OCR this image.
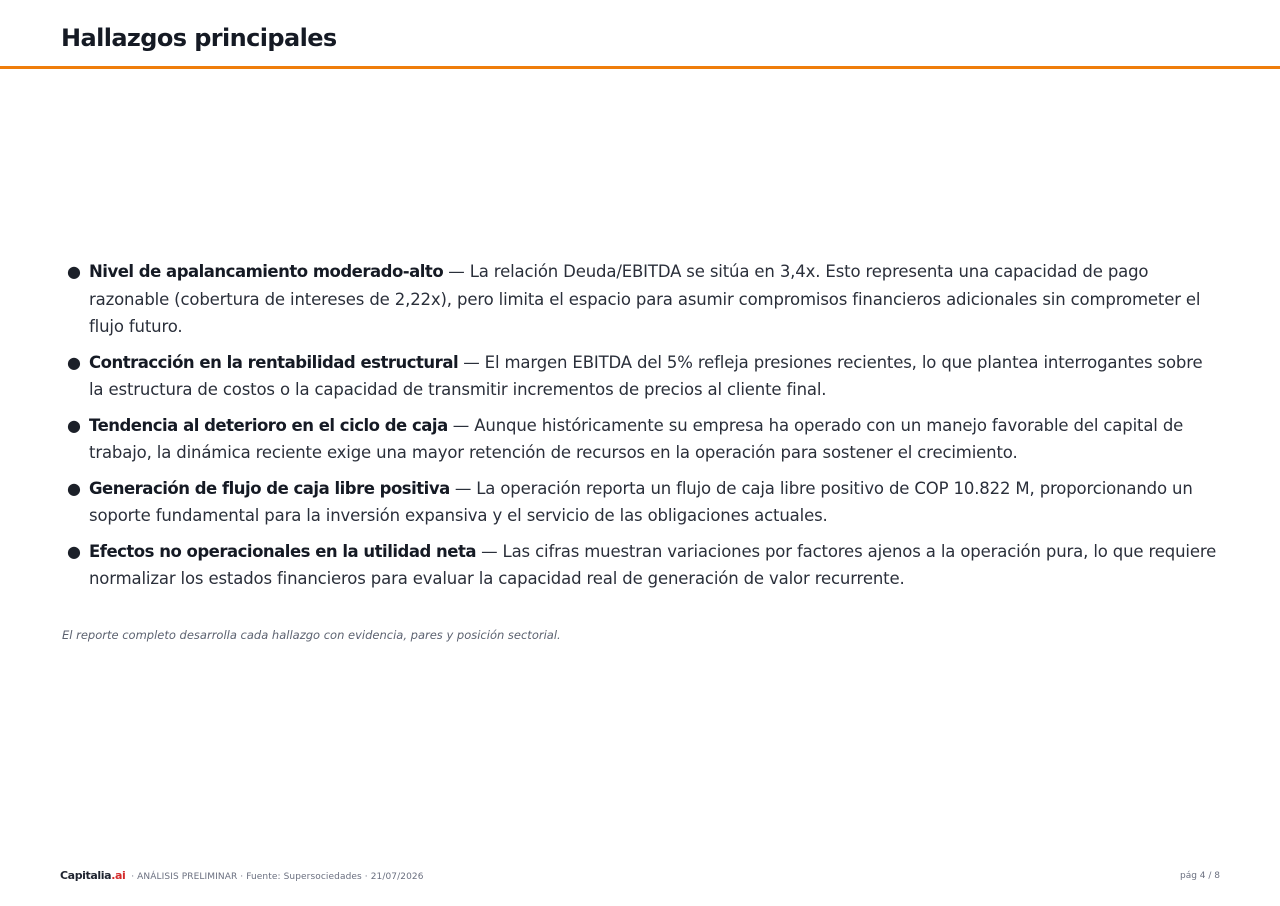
Hallazgos principales
● Nivel de apalancamiento moderado-alto — La relación Deuda/EBITDA se sitúa en 3,4x. Esto representa una capacidad de pago razonable (cobertura de intereses de 2,22x), pero limita el espacio para asumir compromisos financieros adicionales sin comprometer el flujo futuro.
● Contracción en la rentabilidad estructural — El margen EBITDA del 5% refleja presiones recientes, lo que plantea interrogantes sobre la estructura de costos o la capacidad de transmitir incrementos de precios al cliente final.
● Tendencia al deterioro en el ciclo de caja — Aunque históricamente su empresa ha operado con un manejo favorable del capital de trabajo, la dinámica reciente exige una mayor retención de recursos en la operación para sostener el crecimiento.
● Generación de flujo de caja libre positiva — La operación reporta un flujo de caja libre positivo de COP 10.822 M, proporcionando un soporte fundamental para la inversión expansiva y el servicio de las obligaciones actuales.
● Efectos no operacionales en la utilidad neta — Las cifras muestran variaciones por factores ajenos a la operación pura, lo que requiere normalizar los estados financieros para evaluar la capacidad real de generación de valor recurrente.

El reporte completo desarrolla cada hallazgo con evidencia, pares y posición sectorial.

Capitalia.ai · ANÁLISIS PRELIMINAR · Fuente: Supersociedades · 21/07/2026	pág 4 / 8
